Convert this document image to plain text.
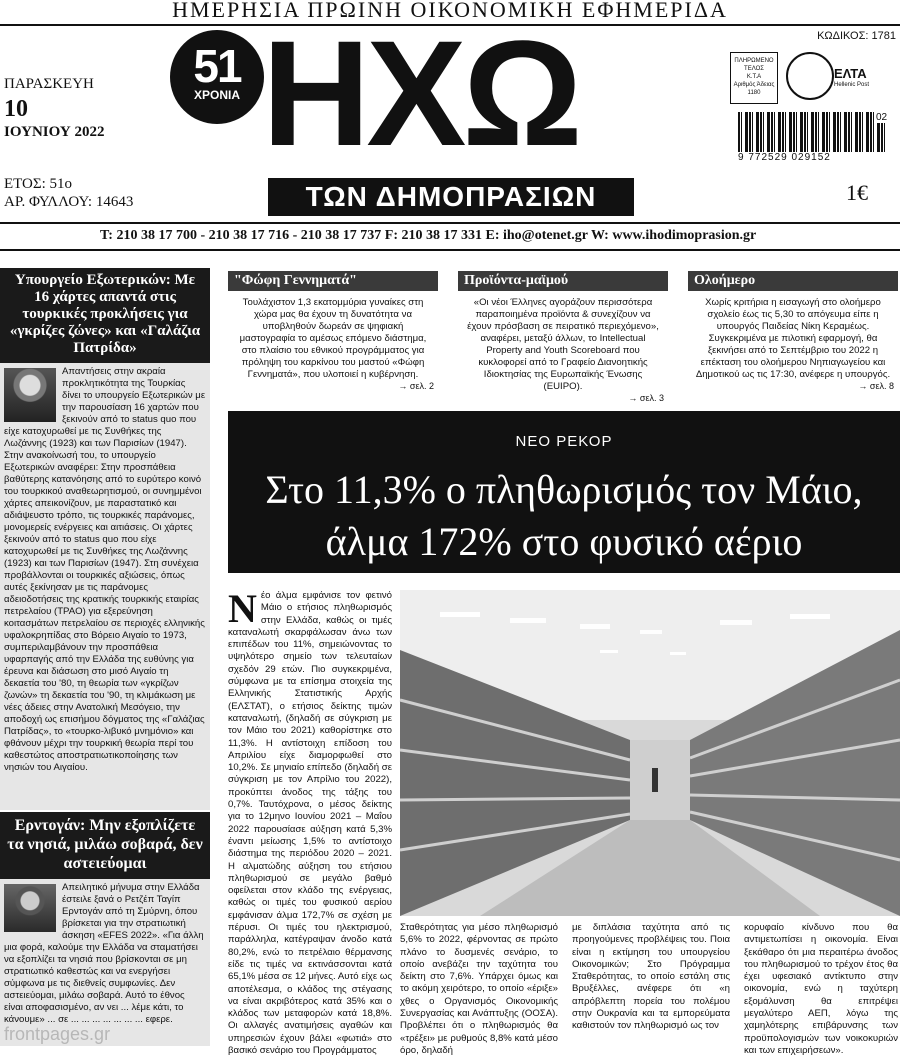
ΗΜΕΡΗΣΙΑ ΠΡΩΙΝΗ ΟΙΚΟΝΟΜΙΚΗ ΕΦΗΜΕΡΙΔΑ
ΠΑΡΑΣΚΕΥΗ
10
ΙΟΥΝΙΟΥ 2022
ΕΤΟΣ: 51ο
ΑΡ. ΦΥΛΛΟΥ: 14643
51
ΧΡΟΝΙΑ ΗΧΩ
ΤΩΝ ΔΗΜΟΠΡΑΣΙΩΝ
ΚΩΔΙΚΟΣ: 1781
ΠΛΗΡΩΜΕΝΟ ΤΕΛΟΣ
Κ.Τ.Α
Αριθμός Άδειας 1180
ΕΛΤΑ
Hellenic Post
02
9 772529 029152
1€
T: 210 38 17 700 - 210 38 17 716 - 210 38 17 737 F: 210 38 17 331 E: iho@otenet.gr W: www.ihodimoprasion.gr
Υπουργείο Εξωτερικών: Με 16 χάρτες απαντά στις τουρκικές προκλήσεις για «γκρίζες ζώνες» και «Γαλάζια Πατρίδα»
Απαντήσεις στην ακραία προκλητικότητα της Τουρκίας δίνει το υπουργείο Εξωτερικών με την παρουσίαση 16 χαρτών που ξεκινούν από το status quo που είχε κατοχυρωθεί με τις Συνθήκες της Λωζάννης (1923) και των Παρισίων (1947). Στην ανακοίνωσή του, το υπουργείο Εξωτερικών αναφέρει: Στην προσπάθεια βαθύτερης κατανόησης από το ευρύτερο κοινό του τουρκικού αναθεωρητισμού, οι συνημμένοι χάρτες απεικονίζουν, με παραστατικό και αδιάψευστο τρόπο, τις τουρκικές παράνομες, μονομερείς ενέργειες και αιτιάσεις. Οι χάρτες ξεκινούν από το status quo που είχε κατοχυρωθεί με τις Συνθήκες της Λωζάννης (1923) και των Παρισίων (1947). Στη συνέχεια προβάλλονται οι τουρκικές αξιώσεις, όπως αυτές ξεκίνησαν με τις παράνομες αδειοδοτήσεις της κρατικής τουρκικής εταιρίας πετρελαίου (TPAO) για εξερεύνηση κοιτασμάτων πετρελαίου σε περιοχές ελληνικής υφαλοκρηπίδας στο Βόρειο Αιγαίο το 1973, συμπεριλαμβάνουν την προσπάθεια υφαρπαγής από την Ελλάδα της ευθύνης για έρευνα και διάσωση στο μισό Αιγαίο τη δεκαετία του '80, τη θεωρία των «γκρίζων ζωνών» τη δεκαετία του '90, τη κλιμάκωση με νέες άδειες στην Ανατολική Μεσόγειο, την αποδοχή ως επισήμου δόγματος της «Γαλάζιας Πατρίδας», το «τουρκο-λιβυκό μνημόνιο» και φθάνουν μέχρι την τουρκική θεωρία περί του καθεστώτος αποστρατιωτικοποίησης των νησιών του Αιγαίου.
Ερντογάν: Μην εξοπλίζετε τα νησιά, μιλάω σοβαρά, δεν αστειεύομαι
Απειλητικό μήνυμα στην Ελλάδα έστειλε ξανά ο Ρετζέπ Ταγίπ Ερντογάν από τη Σμύρνη, όπου βρίσκεται για την στρατιωτική άσκηση «EFES 2022». «Για άλλη μια φορά, καλούμε την Ελλάδα να σταματήσει να εξοπλίζει τα νησιά που βρίσκονται σε μη στρατιωτικό καθεστώς και να ενεργήσει σύμφωνα με τις διεθνείς συμφωνίες. Δεν αστειεύομαι, μιλάω σοβαρά. Αυτό το έθνος είναι αποφασισμένο, αν νει ... λέμε κάτι, το κάνουμε» ... σε ... ... ... ... ... ... ... εφερε.
"Φώφη Γεννηματά"
Τουλάχιστον 1,3 εκατομμύρια γυναίκες στη χώρα μας θα έχουν τη δυνατότητα να υποβληθούν δωρεάν σε ψηφιακή μαστογραφία το αμέσως επόμενο διάστημα, στο πλαίσιο του εθνικού προγράμματος για πρόληψη του καρκίνου του μαστού «Φώφη Γεννηματά», που υλοποιεί η κυβέρνηση.
→ σελ. 2
Προϊόντα-μαϊμού
«Οι νέοι Έλληνες αγοράζουν περισσότερα παραποιημένα προϊόντα & συνεχίζουν να έχουν πρόσβαση σε πειρατικό περιεχόμενο», αναφέρει, μεταξύ άλλων, το Intellectual Property and Youth Scoreboard που κυκλοφορεί από το Γραφείο Διανοητικής Ιδιοκτησίας της Ευρωπαϊκής Ένωσης (EUIPO).
→ σελ. 3
Ολοήμερο
Χωρίς κριτήρια η εισαγωγή στο ολοήμερο σχολείο έως τις 5,30 το απόγευμα είπε η υπουργός Παιδείας Νίκη Κεραμέως. Συγκεκριμένα με πιλοτική εφαρμογή, θα ξεκινήσει από το Σεπτέμβριο του 2022 η επέκταση του ολοήμερου Νηπιαγωγείου και Δημοτικού ως τις 17:30, ανέφερε η υπουργός.
→ σελ. 8
ΝΕΟ ΡΕΚΟΡ
Στο 11,3% ο πληθωρισμός τον Μάιο,
άλμα 172% στο φυσικό αέριο
Ν έο άλμα εμφάνισε τον φετινό Μάιο ο ετήσιος πληθωρισμός στην Ελλάδα, καθώς οι τιμές καταναλωτή σκαρφάλωσαν άνω των επιπέδων του 11%, σημειώνοντας το υψηλότερο σημείο των τελευταίων σχεδόν 29 ετών. Πιο συγκεκριμένα, σύμφωνα με τα επίσημα στοιχεία της Ελληνικής Στατιστικής Αρχής (ΕΛΣΤΑΤ), ο ετήσιος δείκτης τιμών καταναλωτή, (δηλαδή σε σύγκριση με τον Μάιο του 2021) καθορίστηκε στο 11,3%. Η αντίστοιχη επίδοση του Απριλίου είχε διαμορφωθεί στο 10,2%. Σε μηνιαίο επίπεδο (δηλαδή σε σύγκριση με τον Απρίλιο του 2022), προκύπτει άνοδος της τάξης του 0,7%. Ταυτόχρονα, ο μέσος δείκτης για το 12μηνο Ιουνίου 2021 – Μαΐου 2022 παρουσίασε αύξηση κατά 5,3% έναντι μείωσης 1,5% το αντίστοιχο διάστημα της περιόδου 2020 – 2021. Η αλματώδης αύξηση του ετήσιου πληθωρισμού σε μεγάλο βαθμό οφείλεται στον κλάδο της ενέργειας, καθώς οι τιμές του φυσικού αερίου εμφάνισαν άλμα 172,7% σε σχέση με πέρυσι. Οι τιμές του ηλεκτρισμού, παράλληλα, κατέγραψαν άνοδο κατά 80,2%, ενώ το πετρέλαιο θέρμανσης είδε τις τιμές να εκτινάσσονται κατά 65,1% μέσα σε 12 μήνες. Αυτό είχε ως αποτέλεσμα, ο κλάδος της στέγασης να είναι ακριβότερος κατά 35% και ο κλάδος των μεταφορών κατά 18,8%. Οι αλλαγές ανατιμήσεις αγαθών και υπηρεσιών έχουν βάλει «φωτιά» στο βασικό σενάριο του Προγράμματος
Σταθερότητας για μέσο πληθωρισμό 5,6% το 2022, φέρνοντας σε πρώτο πλάνο το δυσμενές σενάριο, το οποίο ανεβάζει την ταχύτητα του δείκτη στο 7,6%. Υπάρχει όμως και το ακόμη χειρότερο, το οποίο «έριξε» χθες ο Οργανισμός Οικονομικής Συνεργασίας και Ανάπτυξης (ΟΟΣΑ). Προβλέπει ότι ο πληθωρισμός θα «τρέξει» με ρυθμούς 8,8% κατά μέσο όρο, δηλαδή
με διπλάσια ταχύτητα από τις προηγούμενες προβλέψεις του. Ποια είναι η εκτίμηση του υπουργείου Οικονομικών; Στο Πρόγραμμα Σταθερότητας, το οποίο εστάλη στις Βρυξέλλες, ανέφερε ότι «η απρόβλεπτη πορεία του πολέμου στην Ουκρανία και τα εμπορεύματα καθιστούν τον πληθωρισμό ως τον
κορυφαίο κίνδυνο που θα αντιμετωπίσει η οικονομία. Είναι ξεκάθαρο ότι μια περαιτέρω άνοδος του πληθωρισμού το τρέχον έτος θα έχει υφεσιακό αντίκτυπο στην οικονομία, ενώ η ταχύτερη εξομάλυνση θα επιτρέψει μεγαλύτερο ΑΕΠ, λόγω της χαμηλότερης επιβάρυνσης των προϋπολογισμών των νοικοκυριών και των επιχειρήσεων».
frontpages.gr
